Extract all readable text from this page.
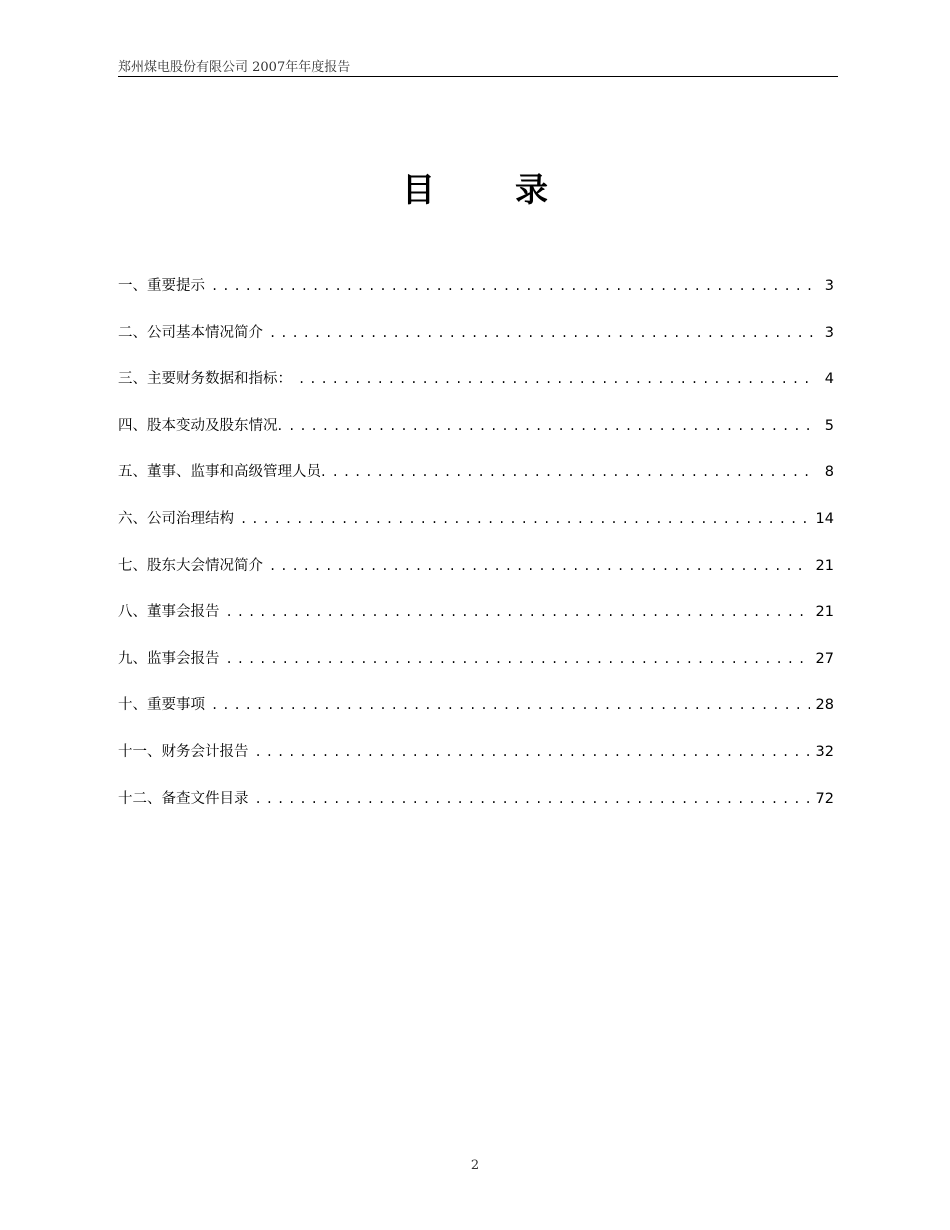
郑州煤电股份有限公司 2007年年度报告
目录
一、重要提示 .....	3
二、公司基本情况简介 .....	3
三、主要财务数据和指标： .....	4
四、股本变动及股东情况. .....	5
五、董事、监事和高级管理人员. .....	8
六、公司治理结构 .....	14
七、股东大会情况简介 .....	21
八、董事会报告 .....	21
九、监事会报告 .....	27
十、重要事项 .....	28
十一、财务会计报告 .....	32
十二、备查文件目录 .....	72
2
